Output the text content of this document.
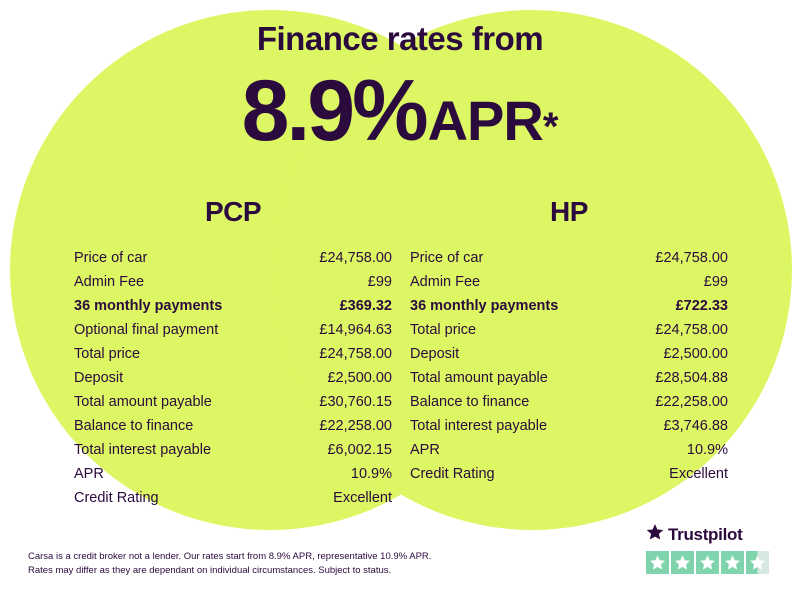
Finance rates from
8.9%APR*
PCP
Price of car	£24,758.00
Admin Fee	£99
36 monthly payments	£369.32
Optional final payment	£14,964.63
Total price	£24,758.00
Deposit	£2,500.00
Total amount payable	£30,760.15
Balance to finance	£22,258.00
Total interest payable	£6,002.15
APR	10.9%
Credit Rating	Excellent
HP
Price of car	£24,758.00
Admin Fee	£99
36 monthly payments	£722.33
Total price	£24,758.00
Deposit	£2,500.00
Total amount payable	£28,504.88
Balance to finance	£22,258.00
Total interest payable	£3,746.88
APR	10.9%
Credit Rating	Excellent
Carsa is a credit broker not a lender. Our rates start from 8.9% APR, representative 10.9% APR.
Rates may differ as they are dependant on individual circumstances. Subject to status.
Trustpilot
